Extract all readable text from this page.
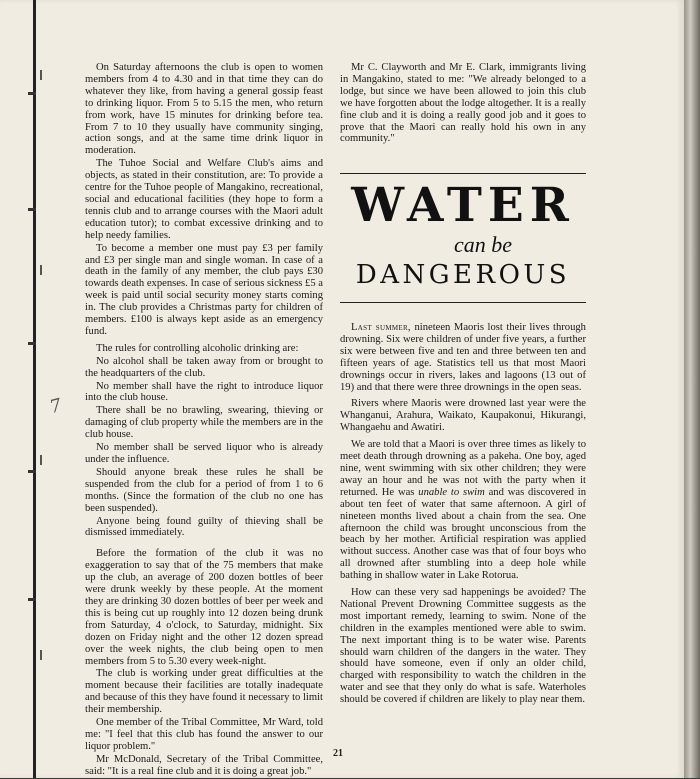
7

On Saturday afternoons the club is open to women members from 4 to 4.30 and in that time they can do whatever they like, from having a general gossip feast to drinking liquor. From 5 to 5.15 the men, who return from work, have 15 minutes for drinking before tea. From 7 to 10 they usually have community singing, action songs, and at the same time drink liquor in moderation.

The Tuhoe Social and Welfare Club's aims and objects, as stated in their constitution, are: To provide a centre for the Tuhoe people of Mangakino, recreational, social and educational facilities (they hope to form a tennis club and to arrange courses with the Maori adult education tutor); to combat excessive drinking and to help needy families.

To become a member one must pay £3 per family and £3 per single man and single woman. In case of a death in the family of any member, the club pays £30 towards death expenses. In case of serious sickness £5 a week is paid until social security money starts coming in. The club provides a Christmas party for children of members. £100 is always kept aside as an emergency fund.

The rules for controlling alcoholic drinking are:

No alcohol shall be taken away from or brought to the headquarters of the club.

No member shall have the right to introduce liquor into the club house.

There shall be no brawling, swearing, thieving or damaging of club property while the members are in the club house.

No member shall be served liquor who is already under the influence.

Should anyone break these rules he shall be suspended from the club for a period of from 1 to 6 months. (Since the formation of the club no one has been suspended).

Anyone being found guilty of thieving shall be dismissed immediately.

Before the formation of the club it was no exaggeration to say that of the 75 members that make up the club, an average of 200 dozen bottles of beer were drunk weekly by these people. At the moment they are drinking 30 dozen bottles of beer per week and this is being cut up roughly into 12 dozen being drunk from Saturday, 4 o'clock, to Saturday, midnight. Six dozen on Friday night and the other 12 dozen spread over the week nights, the club being open to men members from 5 to 5.30 every week-night.

The club is working under great difficulties at the moment because their facilities are totally inadequate and because of this they have found it necessary to limit their membership.

One member of the Tribal Committee, Mr Ward, told me: "I feel that this club has found the answer to our liquor problem."

Mr McDonald, Secretary of the Tribal Committee, said: "It is a real fine club and it is doing a great job."

Mr C. Clayworth and Mr E. Clark, immigrants living in Mangakino, stated to me: "We already belonged to a lodge, but since we have been allowed to join this club we have forgotten about the lodge altogether. It is a really fine club and it is doing a really good job and it goes to prove that the Maori can really hold his own in any community."

WATER
can be
DANGEROUS

Last summer, nineteen Maoris lost their lives through drowning. Six were children of under five years, a further six were between five and ten and three between ten and fifteen years of age. Statistics tell us that most Maori drownings occur in rivers, lakes and lagoons (13 out of 19) and that there were three drownings in the open seas.

Rivers where Maoris were drowned last year were the Whanganui, Arahura, Waikato, Kaupakonui, Hikurangi, Whangaehu and Awatiri.

We are told that a Maori is over three times as likely to meet death through drowning as a pakeha. One boy, aged nine, went swimming with six other children; they were away an hour and he was not with the party when it returned. He was unable to swim and was discovered in about ten feet of water that same afternoon. A girl of nineteen months lived about a chain from the sea. One afternoon the child was brought unconscious from the beach by her mother. Artificial respiration was applied without success. Another case was that of four boys who all drowned after stumbling into a deep hole while bathing in shallow water in Lake Rotorua.

How can these very sad happenings be avoided? The National Prevent Drowning Committee suggests as the most important remedy, learning to swim. None of the children in the examples mentioned were able to swim. The next important thing is to be water wise. Parents should warn children of the dangers in the water. They should have someone, even if only an older child, charged with responsibility to watch the children in the water and see that they only do what is safe. Waterholes should be covered if children are likely to play near them.

21
